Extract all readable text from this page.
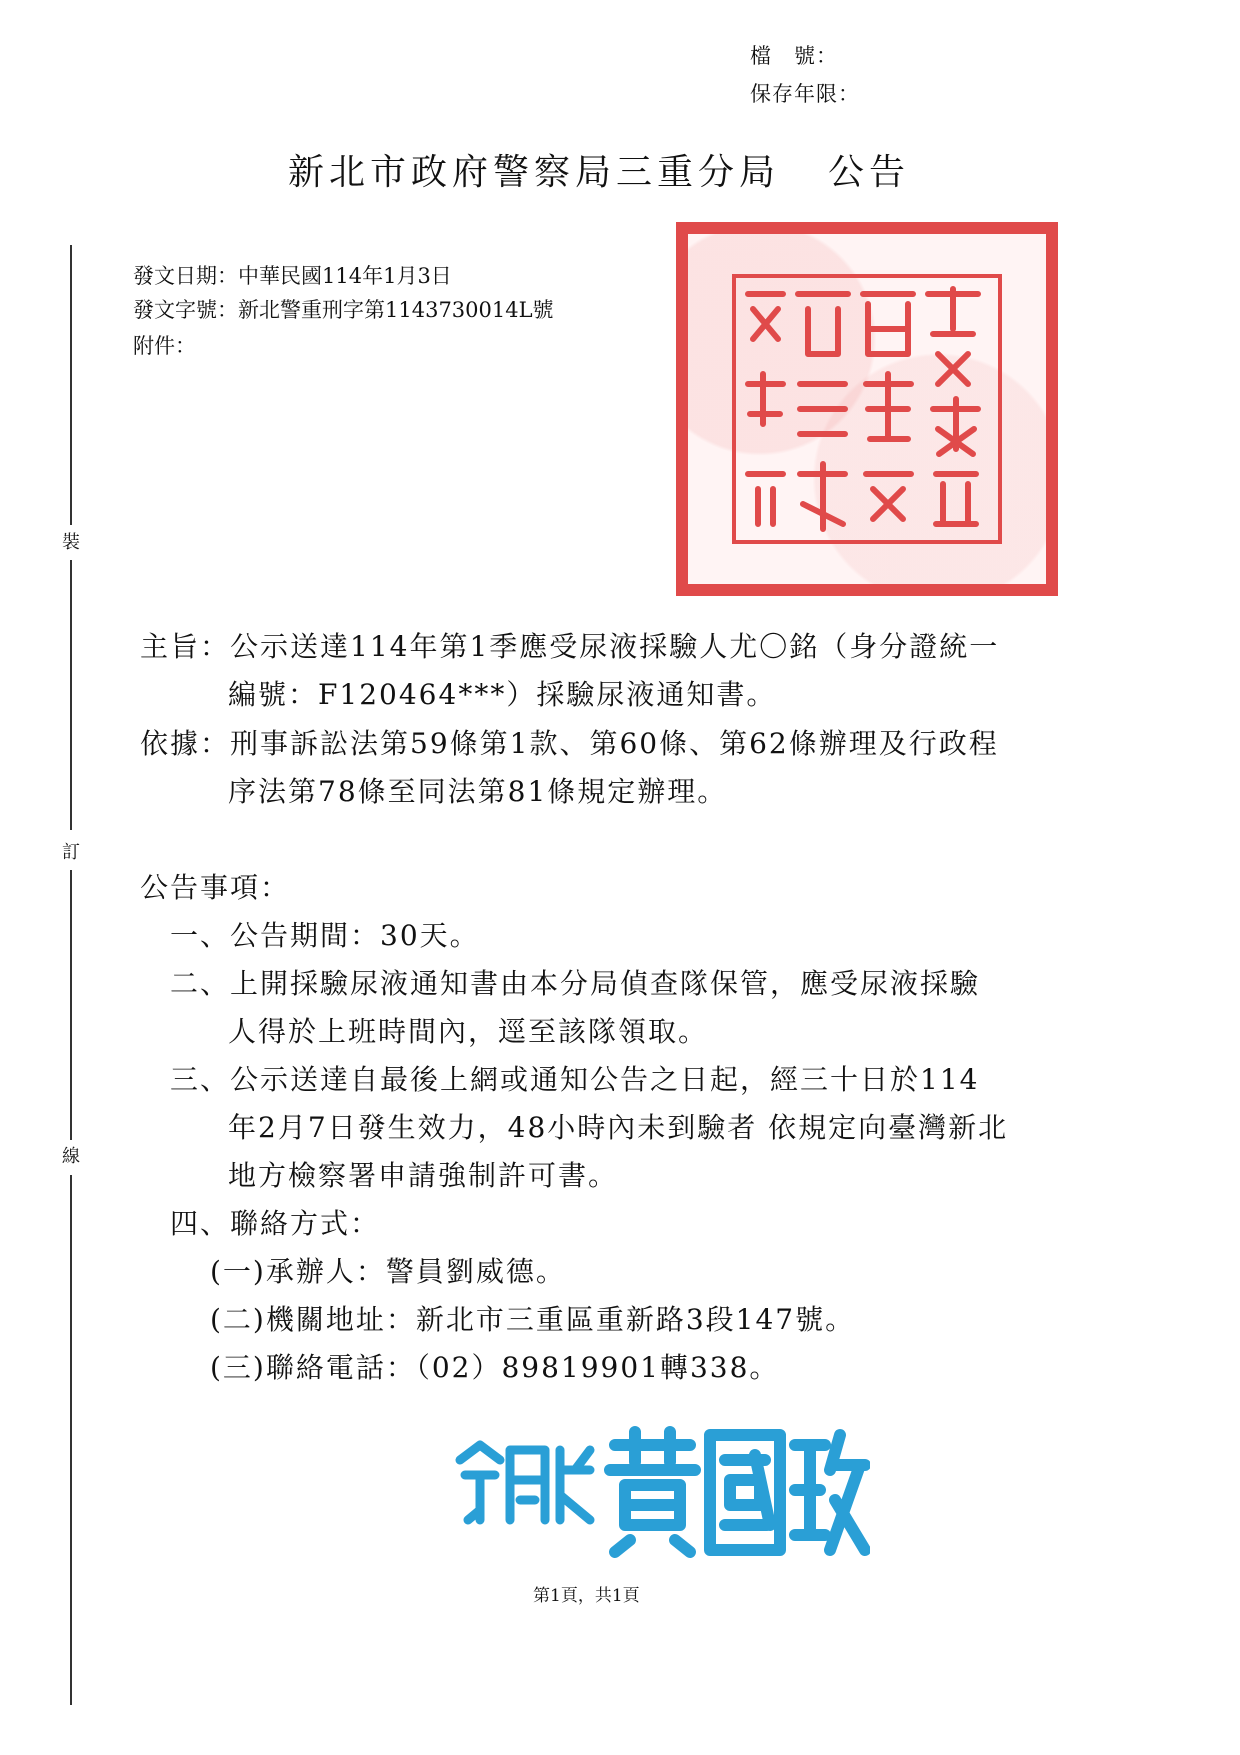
檔　號：
保存年限：
新北市政府警察局三重分局 公告
發文日期：中華民國114年1月3日
發文字號：新北警重刑字第1143730014L號
附件：
裝
訂
線
主旨：公示送達114年第1季應受尿液採驗人尤〇銘（身分證統一
編號：F120464***）採驗尿液通知書。
依據：刑事訴訟法第59條第1款、第60條、第62條辦理及行政程
序法第78條至同法第81條規定辦理。
公告事項：
一、公告期間：30天。
二、上開採驗尿液通知書由本分局偵查隊保管，應受尿液採驗
人得於上班時間內，逕至該隊領取。
三、公示送達自最後上網或通知公告之日起，經三十日於114
年2月7日發生效力，48小時內未到驗者 依規定向臺灣新北
地方檢察署申請強制許可書。
四、聯絡方式：
(一)承辦人：警員劉威德。
(二)機關地址：新北市三重區重新路3段147號。
(三)聯絡電話：（02）89819901轉338。
第1頁，共1頁
